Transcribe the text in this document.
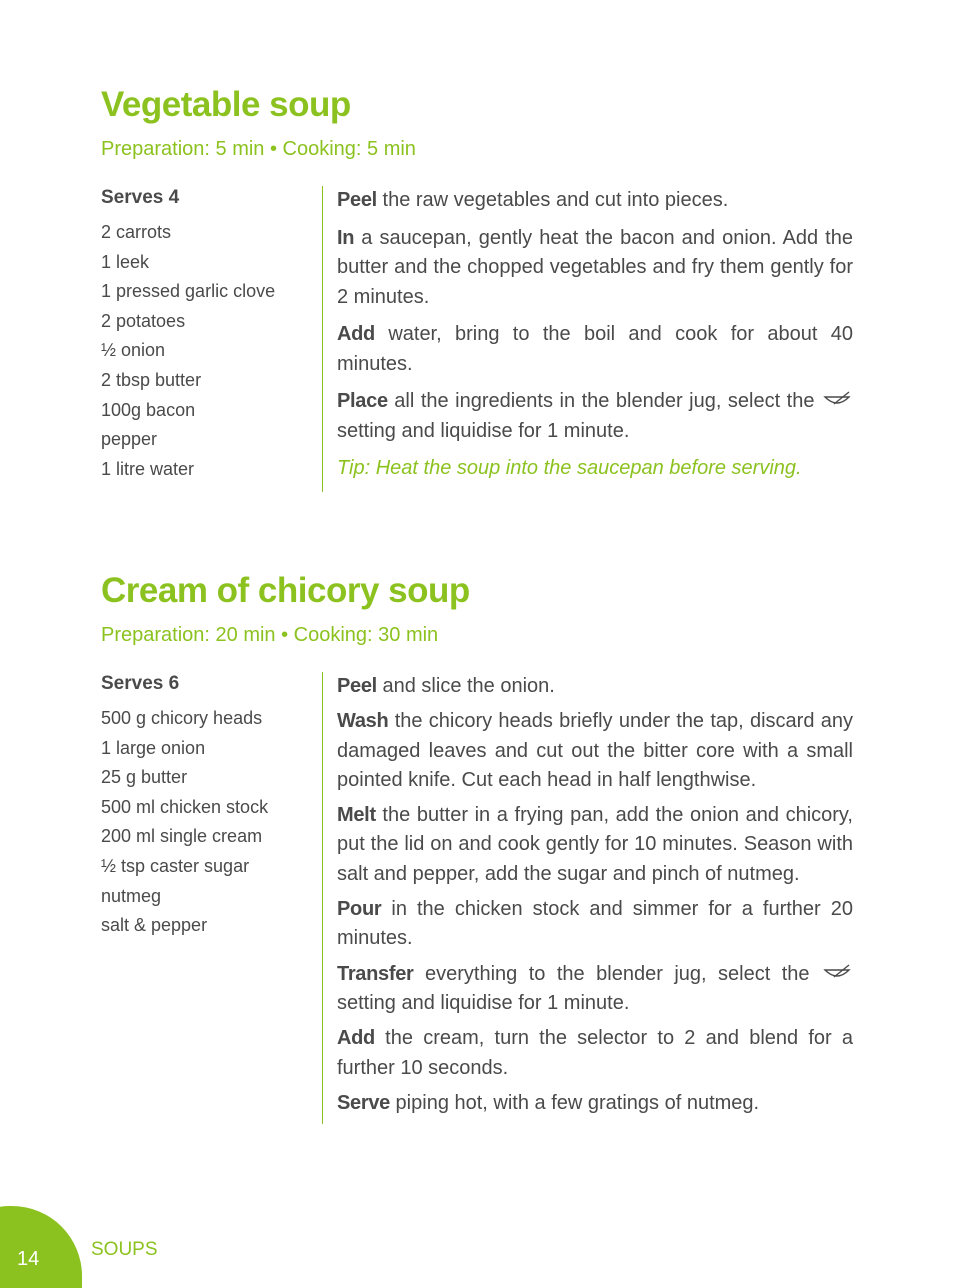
Vegetable soup
Preparation: 5 min • Cooking: 5 min
Serves 4
2 carrots
1 leek
1 pressed garlic clove
2 potatoes
½ onion
2 tbsp butter
100g bacon
pepper
1 litre water

Peel the raw vegetables and cut into pieces.

In a saucepan, gently heat the bacon and onion. Add the butter and the chopped vegetables and fry them gently for 2 minutes.

Add water, bring to the boil and cook for about 40 minutes.

Place all the ingredients in the blender jug, select the  setting and liquidise for 1 minute.

Tip: Heat the soup into the saucepan before serving.

Cream of chicory soup
Preparation: 20 min • Cooking: 30 min
Serves 6
500 g chicory heads
1 large onion
25 g butter
500 ml chicken stock
200 ml single cream
½ tsp caster sugar
nutmeg
salt & pepper

Peel and slice the onion.

Wash the chicory heads briefly under the tap, discard any damaged leaves and cut out the bitter core with a small pointed knife. Cut each head in half lengthwise.

Melt the butter in a frying pan, add the onion and chicory, put the lid on and cook gently for 10 minutes. Season with salt and pepper, add the sugar and pinch of nutmeg.

Pour in the chicken stock and simmer for a further 20 minutes.

Transfer everything to the blender jug, select the setting and liquidise for 1 minute.

Add the cream, turn the selector to 2 and blend for a further 10 seconds.

Serve piping hot, with a few gratings of nutmeg.

14	SOUPS
